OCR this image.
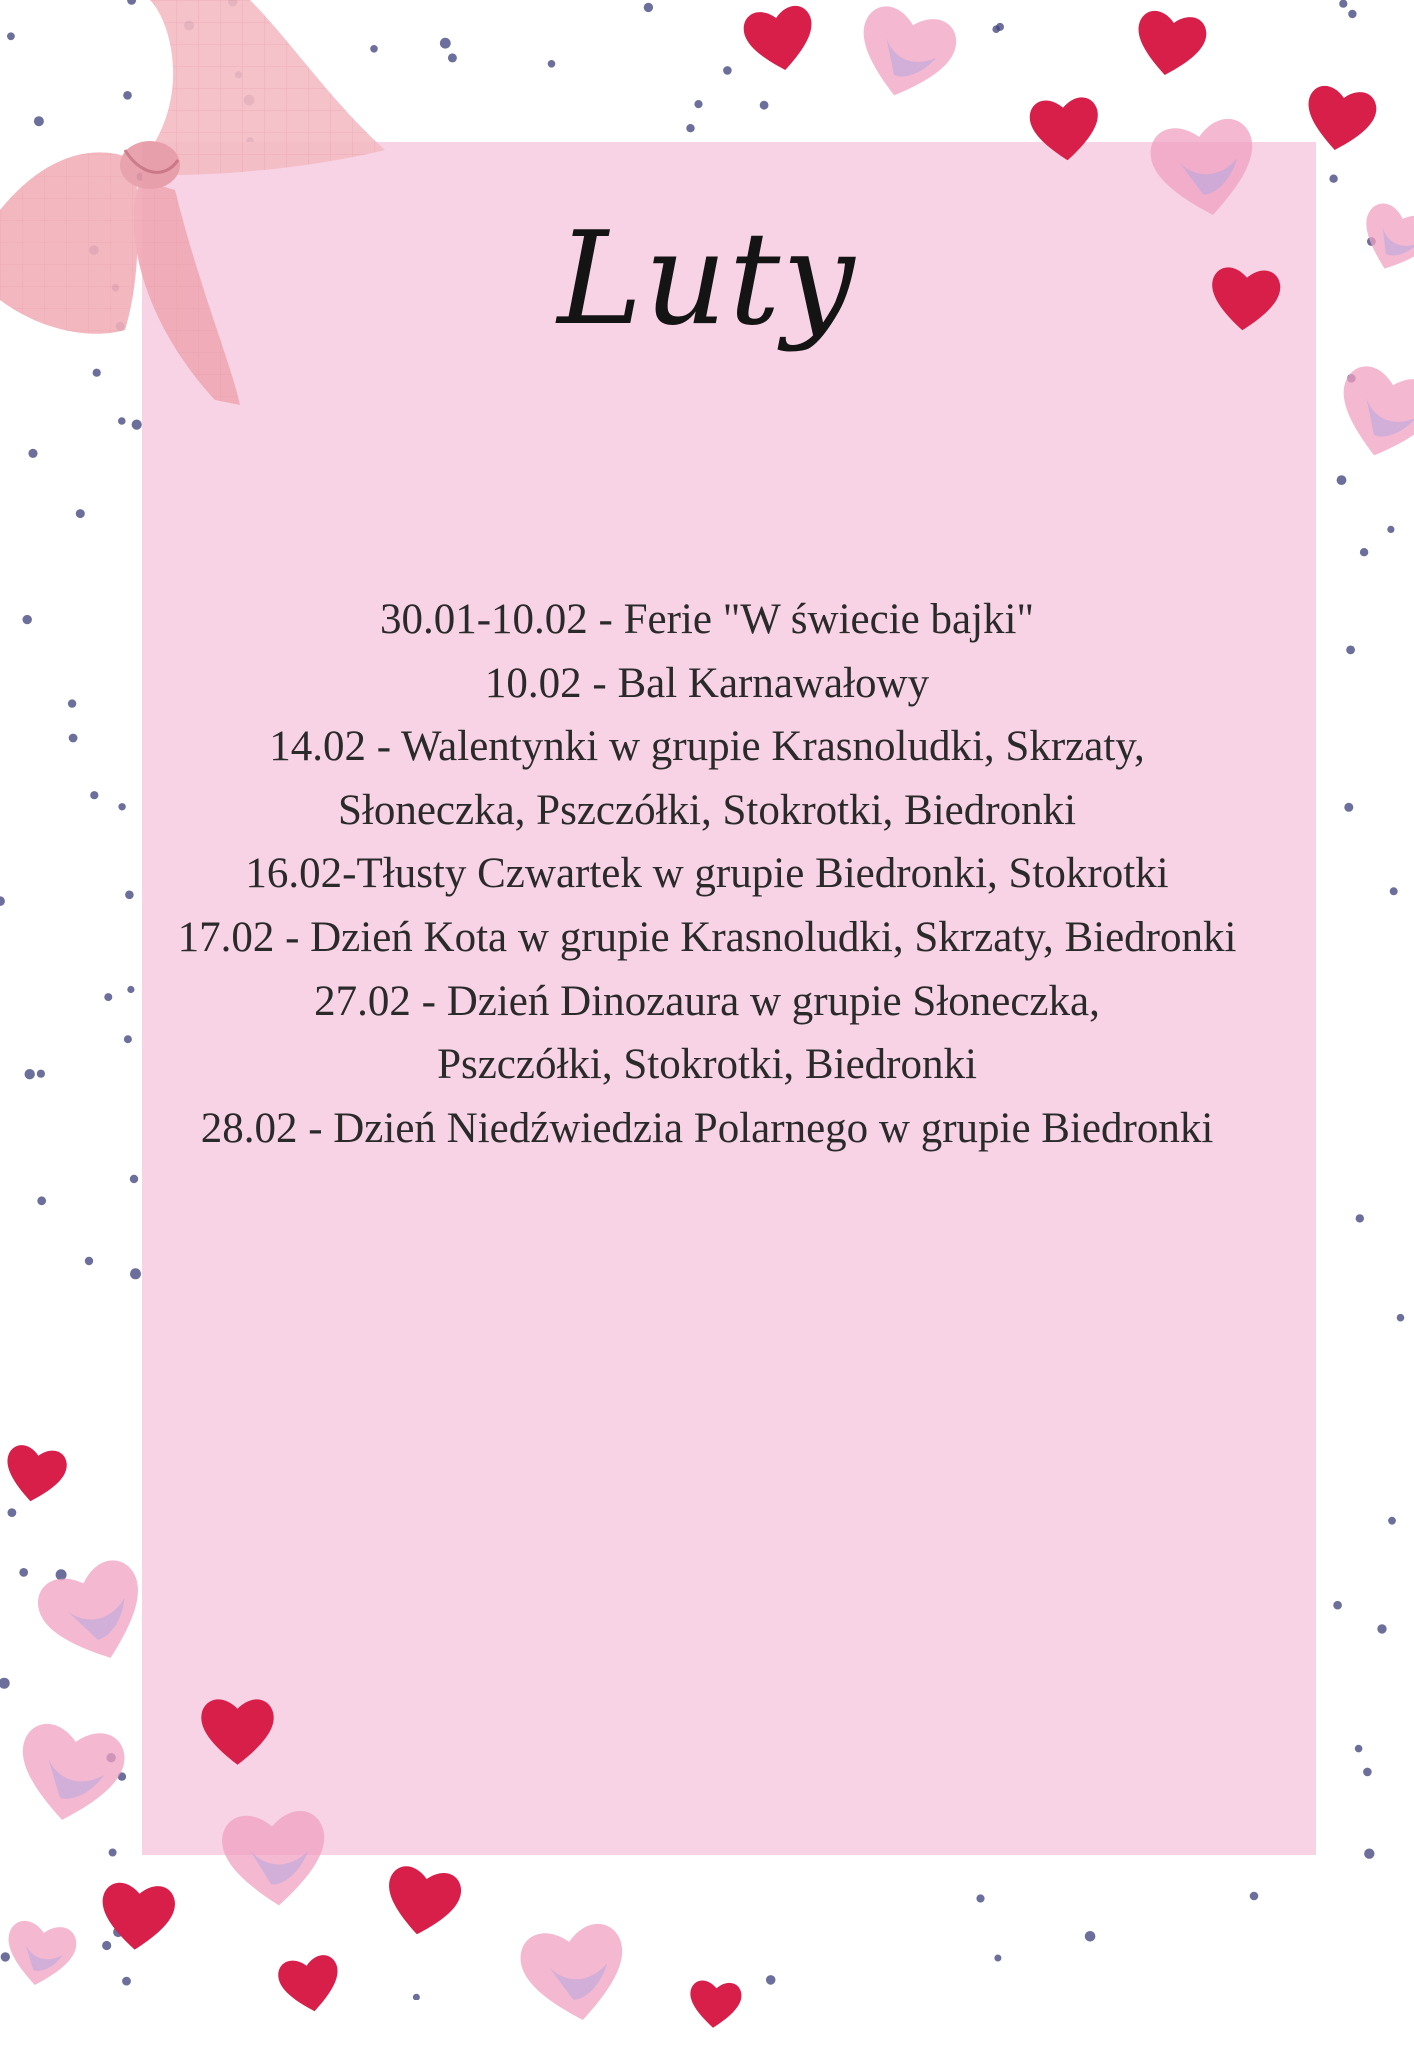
Luty
30.01-10.02 - Ferie "W świecie bajki"
10.02 - Bal Karnawałowy
14.02 - Walentynki w grupie Krasnoludki, Skrzaty,
Słoneczka, Pszczółki, Stokrotki, Biedronki
16.02-Tłusty Czwartek w grupie Biedronki, Stokrotki
17.02 - Dzień Kota w grupie Krasnoludki, Skrzaty, Biedronki
27.02 - Dzień Dinozaura w grupie Słoneczka,
Pszczółki, Stokrotki, Biedronki
28.02 - Dzień Niedźwiedzia Polarnego w grupie Biedronki
